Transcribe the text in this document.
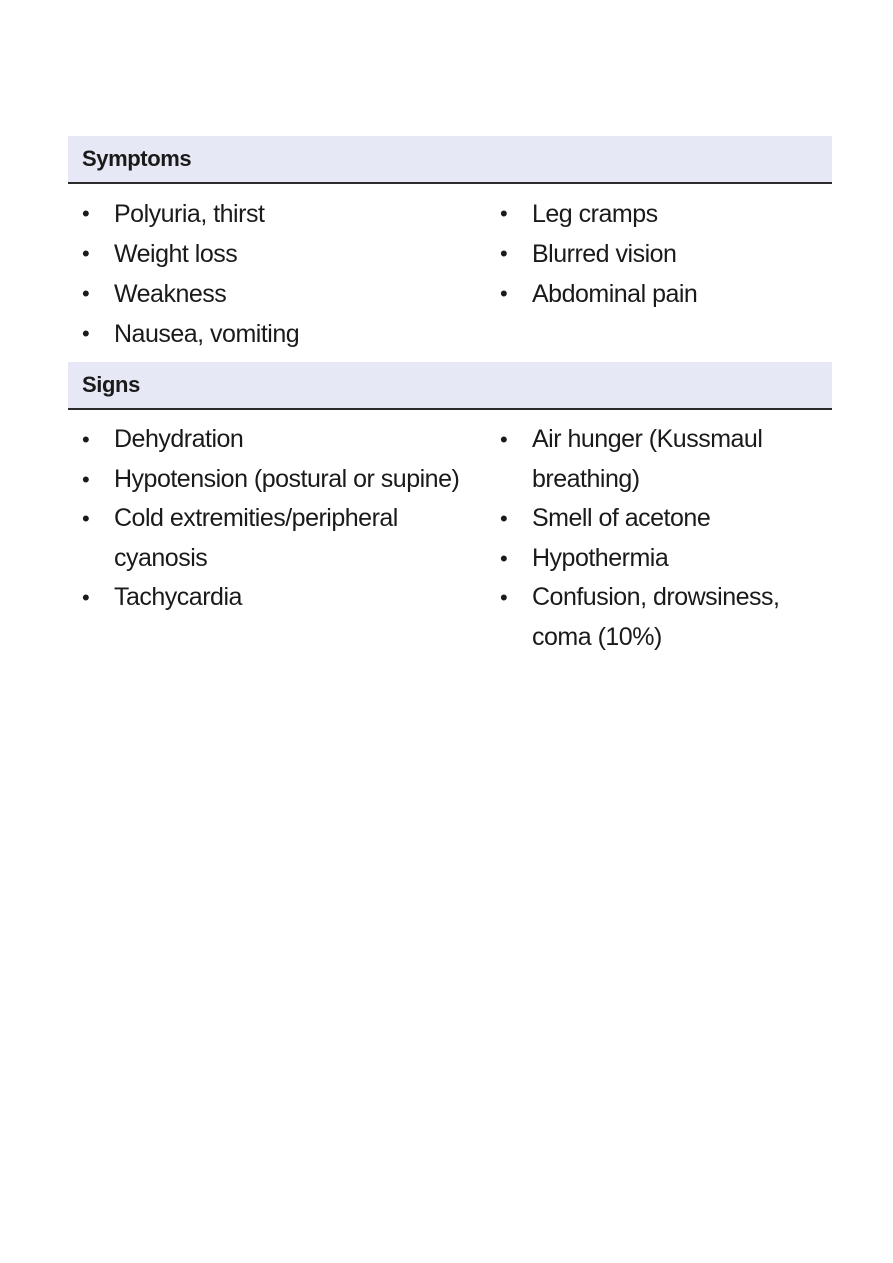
Symptoms
• Polyuria, thirst
• Weight loss
• Weakness
• Nausea, vomiting
• Leg cramps
• Blurred vision
• Abdominal pain
Signs
• Dehydration
• Hypotension (postural or supine)
• Cold extremities/peripheral cyanosis
• Tachycardia
• Air hunger (Kussmaul breathing)
• Smell of acetone
• Hypothermia
• Confusion, drowsiness, coma (10%)
